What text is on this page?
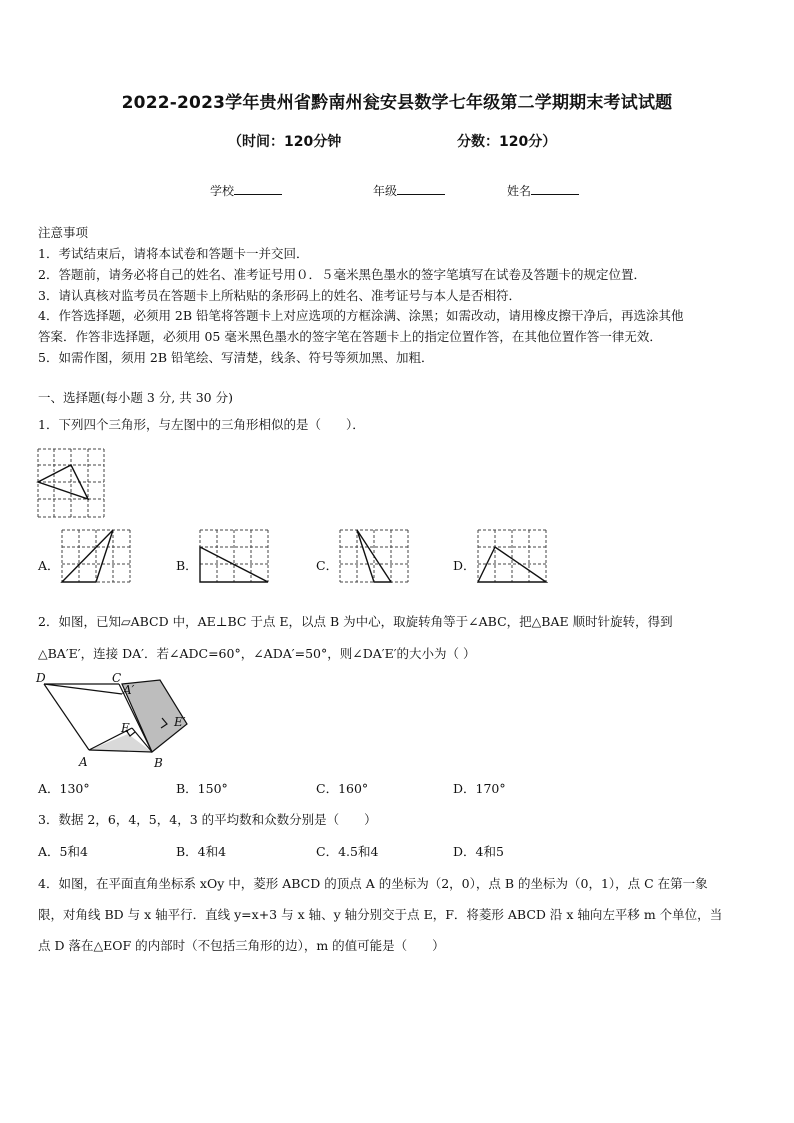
2022-2023学年贵州省黔南州瓮安县数学七年级第二学期期末考试试题
（时间：120分钟	分数：120分）
学校	年级	姓名
注意事项
1．考试结束后，请将本试卷和答题卡一并交回．
2．答题前，请务必将自己的姓名、准考证号用０．５毫米黑色墨水的签字笔填写在试卷及答题卡的规定位置．
3．请认真核对监考员在答题卡上所粘贴的条形码上的姓名、准考证号与本人是否相符．
4．作答选择题，必须用 2B 铅笔将答题卡上对应选项的方框涂满、涂黑；如需改动，请用橡皮擦干净后，再选涂其他
答案．作答非选择题，必须用 05 毫米黑色墨水的签字笔在答题卡上的指定位置作答，在其他位置作答一律无效．
5．如需作图，须用 2B 铅笔绘、写清楚，线条、符号等须加黑、加粗．
一、选择题(每小题 3 分, 共 30 分)
1．下列四个三角形，与左图中的三角形相似的是（　　）．
A．	B．	C．	D．
2．如图，已知▱ABCD 中，AE⊥BC 于点 E，以点 B 为中心，取旋转角等于∠ABC，把△BAE 顺时针旋转，得到
△BA′E′，连接 DA′．若∠ADC=60°，∠ADA′=50°，则∠DA′E′的大小为（ ）
D	C
A′
E′
E
A	B
A．130°	B．150°	C．160°	D．170°
3．数据 2，6，4，5，4，3 的平均数和众数分别是（　　）
A．5和4	B．4和4	C．4.5和4	D．4和5
4．如图，在平面直角坐标系 xOy 中，菱形 ABCD 的顶点 A 的坐标为（2，0），点 B 的坐标为（0，1），点 C 在第一象
限，对角线 BD 与 x 轴平行．直线 y=x+3 与 x 轴、y 轴分别交于点 E，F．将菱形 ABCD 沿 x 轴向左平移 m 个单位，当
点 D 落在△EOF 的内部时（不包括三角形的边），m 的值可能是（　　）
